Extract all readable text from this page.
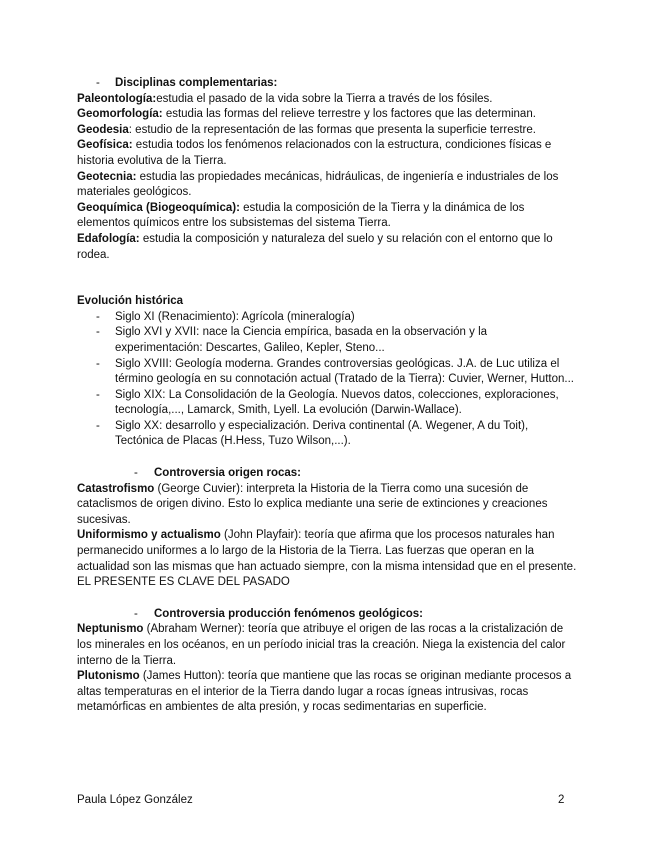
- Disciplinas complementarias:

Paleontología:estudia el pasado de la vida sobre la Tierra a través de los fósiles.

Geomorfología: estudia las formas del relieve terrestre y los factores que las determinan.

Geodesia: estudio de la representación de las formas que presenta la superficie terrestre.

Geofísica: estudia todos los fenómenos relacionados con la estructura, condiciones físicas e historia evolutiva de la Tierra.

Geotecnia: estudia las propiedades mecánicas, hidráulicas, de ingeniería e industriales de los materiales geológicos.

Geoquímica (Biogeoquímica): estudia la composición de la Tierra y la dinámica de los elementos químicos entre los subsistemas del sistema Tierra.

Edafología: estudia la composición y naturaleza del suelo y su relación con el entorno que lo rodea.

Evolución histórica
- Siglo XI (Renacimiento): Agrícola (mineralogía)
- Siglo XVI y XVII: nace la Ciencia empírica, basada en la observación y la experimentación: Descartes, Galileo, Kepler, Steno...
- Siglo XVIII: Geología moderna. Grandes controversias geológicas. J.A. de Luc utiliza el término geología en su connotación actual (Tratado de la Tierra): Cuvier, Werner, Hutton...
- Siglo XIX: La Consolidación de la Geología. Nuevos datos, colecciones, exploraciones, tecnología,..., Lamarck, Smith, Lyell. La evolución (Darwin-Wallace).
- Siglo XX: desarrollo y especialización. Deriva continental (A. Wegener, A du Toit), Tectónica de Placas (H.Hess, Tuzo Wilson,...).
- Controversia origen rocas:

Catastrofismo (George Cuvier): interpreta la Historia de la Tierra como una sucesión de cataclismos de origen divino. Esto lo explica mediante una serie de extinciones y creaciones sucesivas.

Uniformismo y actualismo (John Playfair): teoría que afirma que los procesos naturales han permanecido uniformes a lo largo de la Historia de la Tierra. Las fuerzas que operan en la actualidad son las mismas que han actuado siempre, con la misma intensidad que en el presente. EL PRESENTE ES CLAVE DEL PASADO

- Controversia producción fenómenos geológicos:

Neptunismo (Abraham Werner): teoría que atribuye el origen de las rocas a la cristalización de los minerales en los océanos, en un período inicial tras la creación. Niega la existencia del calor interno de la Tierra.

Plutonismo (James Hutton): teoría que mantiene que las rocas se originan mediante procesos a altas temperaturas en el interior de la Tierra dando lugar a rocas ígneas intrusivas, rocas metamórficas en ambientes de alta presión, y rocas sedimentarias en superficie.

Paula López González	2
